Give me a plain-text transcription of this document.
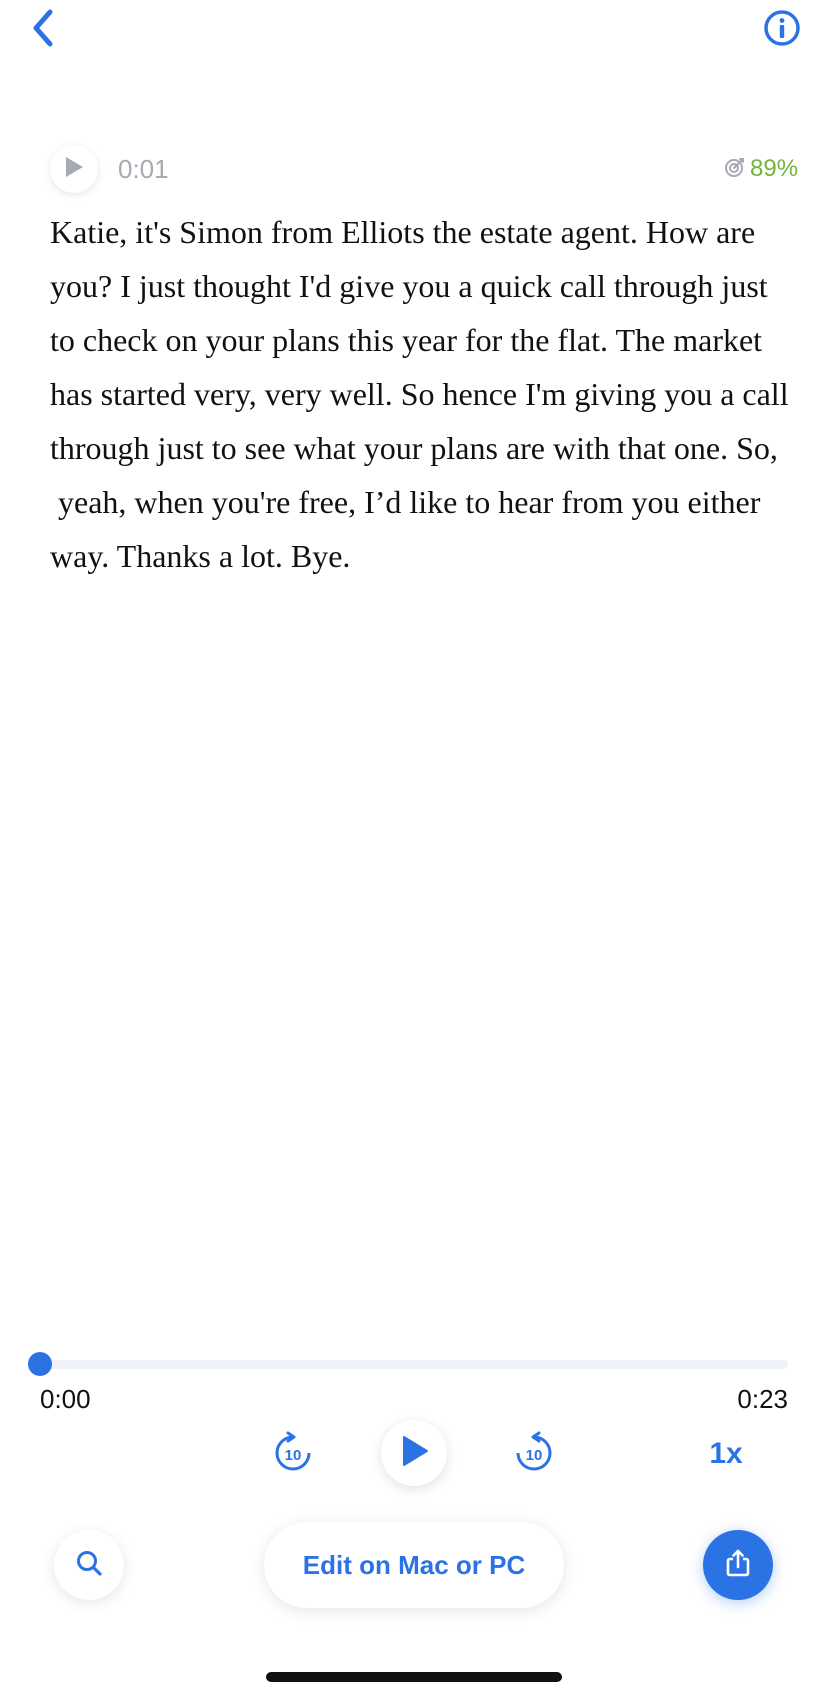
0:01	89%

Katie, it's Simon from Elliots the estate agent. How are you? I just thought I'd give you a quick call through just to check on your plans this year for the flat. The market has started very, very well. So hence I'm giving you a call through just to see what your plans are with that one. So,
yeah, when you're free, I’d like to hear from you either way. Thanks a lot. Bye.

0:00	0:23
10	10	1x
Edit on Mac or PC
